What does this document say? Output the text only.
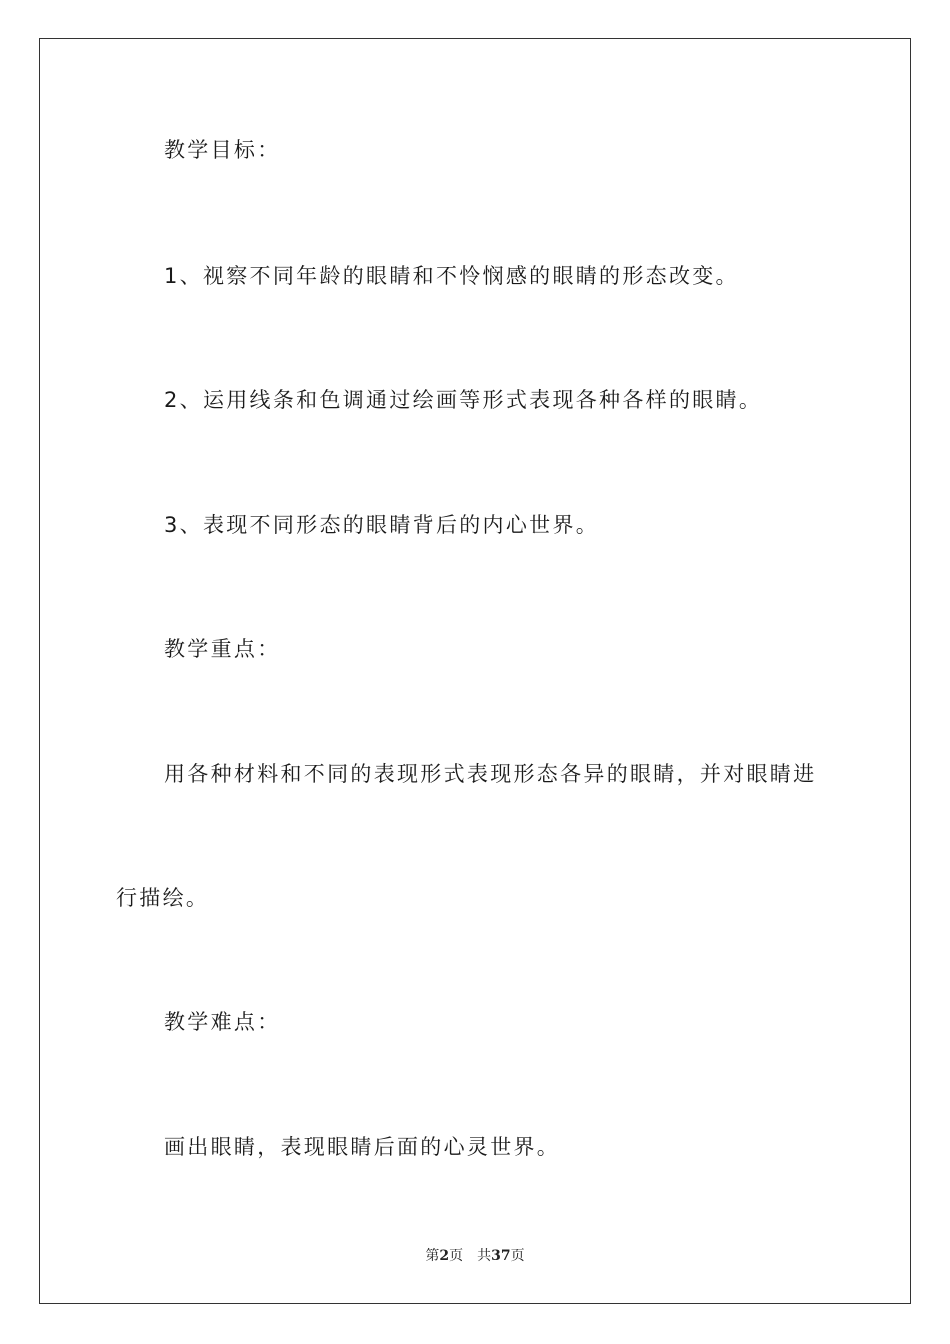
教学目标：
1、视察不同年龄的眼睛和不怜悯感的眼睛的形态改变。
2、运用线条和色调通过绘画等形式表现各种各样的眼睛。
3、表现不同形态的眼睛背后的内心世界。
教学重点：
用各种材料和不同的表现形式表现形态各异的眼睛，并对眼睛进
行描绘。
教学难点：
画出眼睛，表现眼睛后面的心灵世界。
第2页 共37页
